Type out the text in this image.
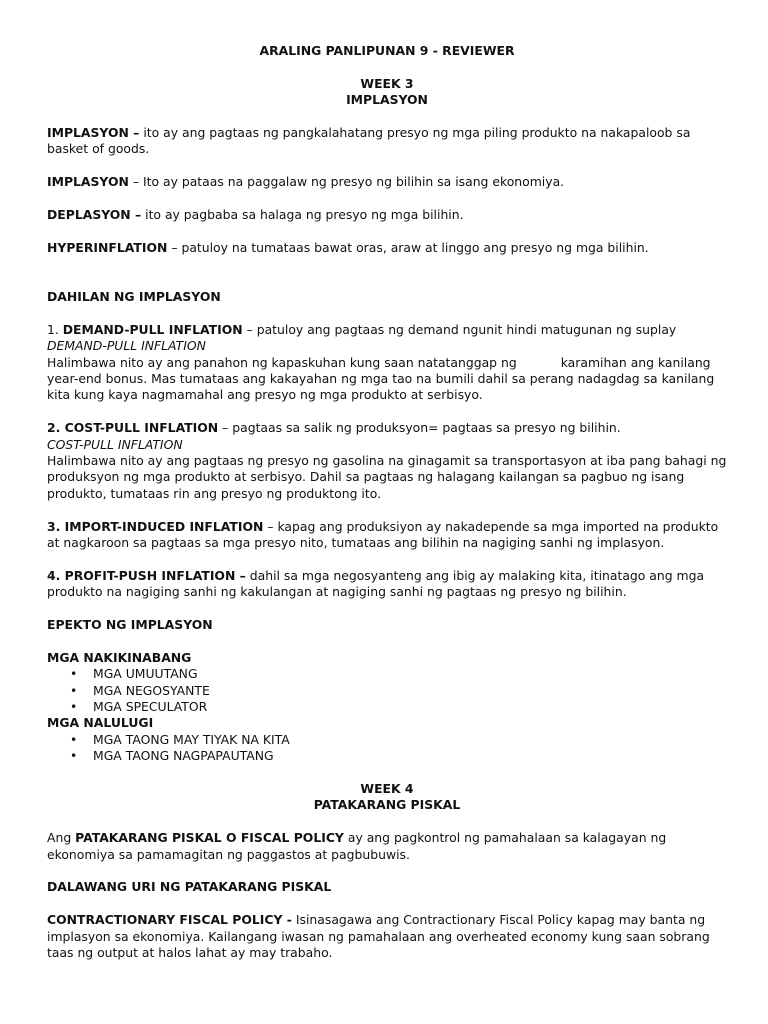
ARALING PANLIPUNAN 9 - REVIEWER

WEEK 3

IMPLASYON

IMPLASYON – ito ay ang pagtaas ng pangkalahatang presyo ng mga piling produkto na nakapaloob sa basket of goods.

IMPLASYON – Ito ay pataas na paggalaw ng presyo ng bilihin sa isang ekonomiya.

DEPLASYON – ito ay pagbaba sa halaga ng presyo ng mga bilihin.

HYPERINFLATION – patuloy na tumataas bawat oras, araw at linggo ang presyo ng mga bilihin.

DAHILAN NG IMPLASYON

1. DEMAND-PULL INFLATION – patuloy ang pagtaas ng demand ngunit hindi matugunan ng suplay

DEMAND-PULL INFLATION

Halimbawa nito ay ang panahon ng kapaskuhan kung saan natatanggap ng	karamihan ang kanilang year-end bonus. Mas tumataas ang kakayahan ng mga tao na bumili dahil sa perang nadagdag sa kanilang kita kung kaya nagmamahal ang presyo ng mga produkto at serbisyo.

2. COST-PULL INFLATION – pagtaas sa salik ng produksyon= pagtaas sa presyo ng bilihin.

COST-PULL INFLATION

Halimbawa nito ay ang pagtaas ng presyo ng gasolina na ginagamit sa transportasyon at iba pang bahagi ng produksyon ng mga produkto at serbisyo. Dahil sa pagtaas ng halagang kailangan sa pagbuo ng isang produkto, tumataas rin ang presyo ng produktong ito.

3. IMPORT-INDUCED INFLATION – kapag ang produksiyon ay nakadepende sa mga imported na produkto at nagkaroon sa pagtaas sa mga presyo nito, tumataas ang bilihin na nagiging sanhi ng implasyon.

4. PROFIT-PUSH INFLATION – dahil sa mga negosyanteng ang ibig ay malaking kita, itinatago ang mga produkto na nagiging sanhi ng kakulangan at nagiging sanhi ng pagtaas ng presyo ng bilihin.

EPEKTO NG IMPLASYON

MGA NAKIKINABANG

• MGA UMUUTANG
• MGA NEGOSYANTE
• MGA SPECULATOR

MGA NALULUGI

• MGA TAONG MAY TIYAK NA KITA
• MGA TAONG NAGPAPAUTANG

WEEK 4

PATAKARANG PISKAL

Ang PATAKARANG PISKAL O FISCAL POLICY ay ang pagkontrol ng pamahalaan sa kalagayan ng ekonomiya sa pamamagitan ng paggastos at pagbubuwis.

DALAWANG URI NG PATAKARANG PISKAL

CONTRACTIONARY FISCAL POLICY - Isinasagawa ang Contractionary Fiscal Policy kapag may banta ng implasyon sa ekonomiya. Kailangang iwasan ng pamahalaan ang overheated economy kung saan sobrang taas ng output at halos lahat ay may trabaho.
